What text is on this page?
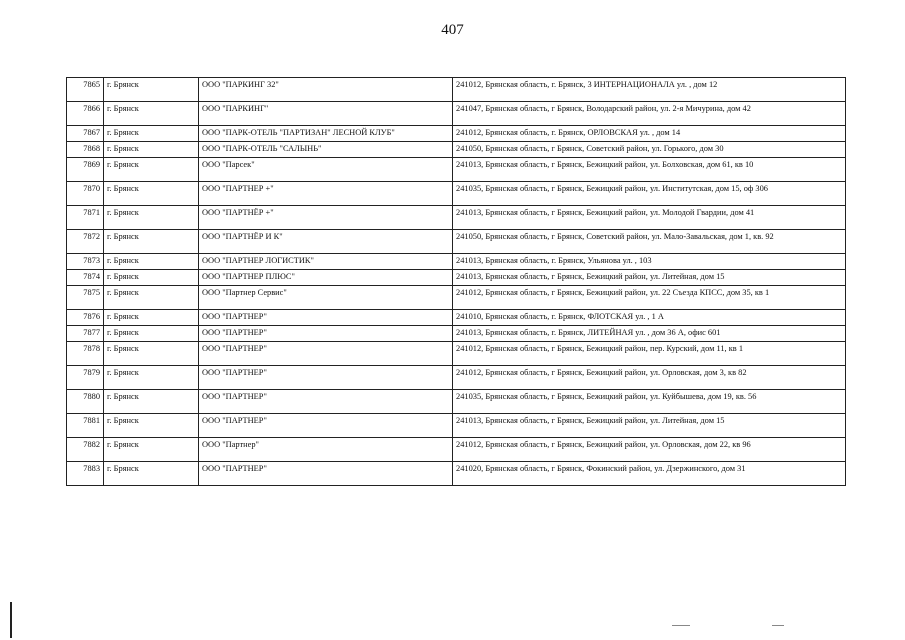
407
7865	г. Брянск	ООО "ПАРКИНГ 32"	241012, Брянская область, г. Брянск, 3 ИНТЕРНАЦИОНАЛА ул. , дом 12
7866	г. Брянск	ООО "ПАРКИНГ"	241047, Брянская область, г Брянск, Володарский район, ул. 2-я Мичурина, дом 42
7867	г. Брянск	ООО "ПАРК-ОТЕЛЬ "ПАРТИЗАН" ЛЕСНОЙ КЛУБ"	241012, Брянская область, г. Брянск, ОРЛОВСКАЯ ул. , дом 14
7868	г. Брянск	ООО "ПАРК-ОТЕЛЬ "САЛЫНЬ"	241050, Брянская область, г Брянск, Советский район, ул. Горького, дом 30
7869	г. Брянск	ООО "Парсек"	241013, Брянская область, г Брянск, Бежицкий район, ул. Болховская, дом 61, кв 10
7870	г. Брянск	ООО "ПАРТНЕР +"	241035, Брянская область, г Брянск, Бежицкий район, ул. Институтская, дом 15, оф 306
7871	г. Брянск	ООО "ПАРТНЁР +"	241013, Брянская область, г Брянск, Бежицкий район, ул. Молодой Гвардии, дом 41
7872	г. Брянск	ООО "ПАРТНЁР И К"	241050, Брянская область, г Брянск, Советский район, ул. Мало-Завальская, дом 1, кв. 92
7873	г. Брянск	ООО "ПАРТНЕР ЛОГИСТИК"	241013, Брянская область, г. Брянск, Ульянова ул. , 103
7874	г. Брянск	ООО "ПАРТНЕР ПЛЮС"	241013, Брянская область, г Брянск, Бежицкий район, ул. Литейная, дом 15
7875	г. Брянск	ООО "Партнер Сервис"	241012, Брянская область, г Брянск, Бежицкий район, ул. 22 Съезда КПСС, дом 35, кв 1
7876	г. Брянск	ООО "ПАРТНЕР"	241010, Брянская область, г. Брянск, ФЛОТСКАЯ ул. , 1 А
7877	г. Брянск	ООО "ПАРТНЕР"	241013, Брянская область, г. Брянск, ЛИТЕЙНАЯ ул. , дом 36 А, офис 601
7878	г. Брянск	ООО "ПАРТНЕР"	241012, Брянская область, г Брянск, Бежицкий район, пер. Курский, дом 11, кв 1
7879	г. Брянск	ООО "ПАРТНЕР"	241012, Брянская область, г Брянск, Бежицкий район, ул. Орловская, дом 3, кв 82
7880	г. Брянск	ООО "ПАРТНЕР"	241035, Брянская область, г Брянск, Бежицкий район, ул. Куйбышева, дом 19, кв. 56
7881	г. Брянск	ООО "ПАРТНЕР"	241013, Брянская область, г Брянск, Бежицкий район, ул. Литейная, дом 15
7882	г. Брянск	ООО "Партнер"	241012, Брянская область, г Брянск, Бежицкий район, ул. Орловская, дом 22, кв 96
7883	г. Брянск	ООО "ПАРТНЕР"	241020, Брянская область, г Брянск, Фокинский район, ул. Дзержинского, дом 31
